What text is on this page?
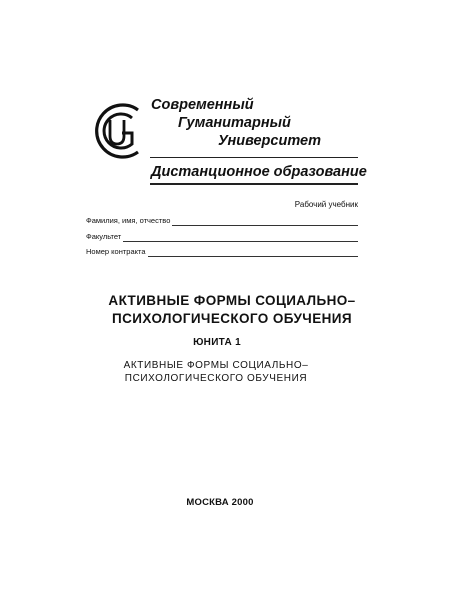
Современный
Гуманитарный
Университет
Дистанционное образование
Рабочий учебник
Фамилия, имя, отчество
Факультет
Номер контракта
АКТИВНЫЕ ФОРМЫ СОЦИАЛЬНО–
ПСИХОЛОГИЧЕСКОГО ОБУЧЕНИЯ
ЮНИТА 1
АКТИВНЫЕ ФОРМЫ СОЦИАЛЬНО–
ПСИХОЛОГИЧЕСКОГО ОБУЧЕНИЯ
МОСКВА 2000
